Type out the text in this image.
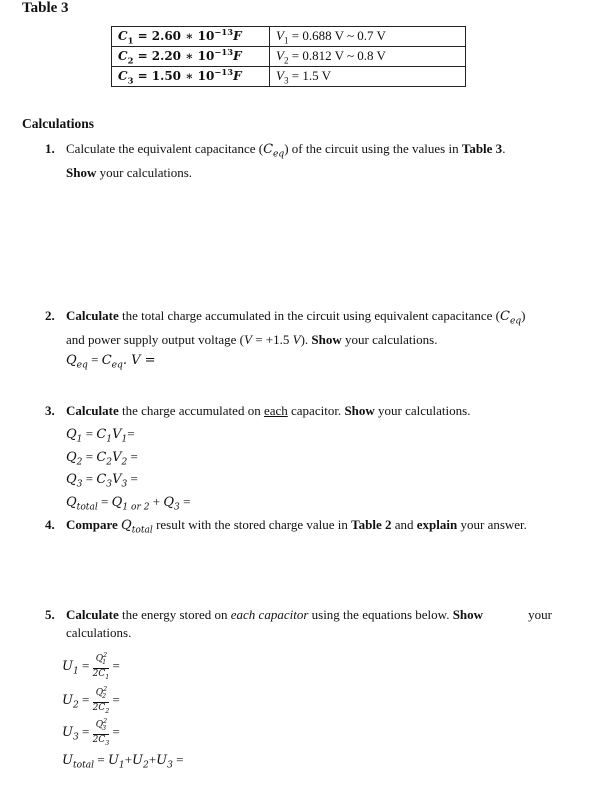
Table 3
$C_1 = 2.60$ ∗ $10^{-13}F$	$V_1 = 0.688$ V ~ 0.7 V
$C_2 = 2.20$ ∗ $10^{-13}F$	$V_2 = 0.812$ V ~ 0.8 V
$C_3 = 1.50$ ∗ $10^{-13}F$	$V_3 = 1.5$ V
Calculations
1. Calculate the equivalent capacitance $(C_{eq})$ of the circuit using the values in Table 3.
Show your calculations.
2. Calculate the total charge accumulated in the circuit using equivalent capacitance $(C_{eq})$
and power supply output voltage (V = +1.5 V). Show your calculations.
$Q_{eq} = C_{eq}$. V =
3. Calculate the charge accumulated on each capacitor. Show your calculations.
$Q_1 = C_1V_1=$
$Q_2 = C_2V_2$ =
$Q_3 = C_3V_3$ =
$Q_{total} = Q_{1 or 2} + Q_3$ =
4. Compare $Q_{total}$ result with the stored charge value in Table 2 and explain your answer.
5. Calculate the energy stored on each capacitor using the equations below. Show	your
calculations.
$U_1 = \frac{Q^2_1}{2C_1}$ =
$U_2 = \frac{Q^2_2}{2C_2}$ =
$U_3 = \frac{Q^2_3}{2C_3}$ =
$U_{total} = U_1+U_2+U_3$ =
